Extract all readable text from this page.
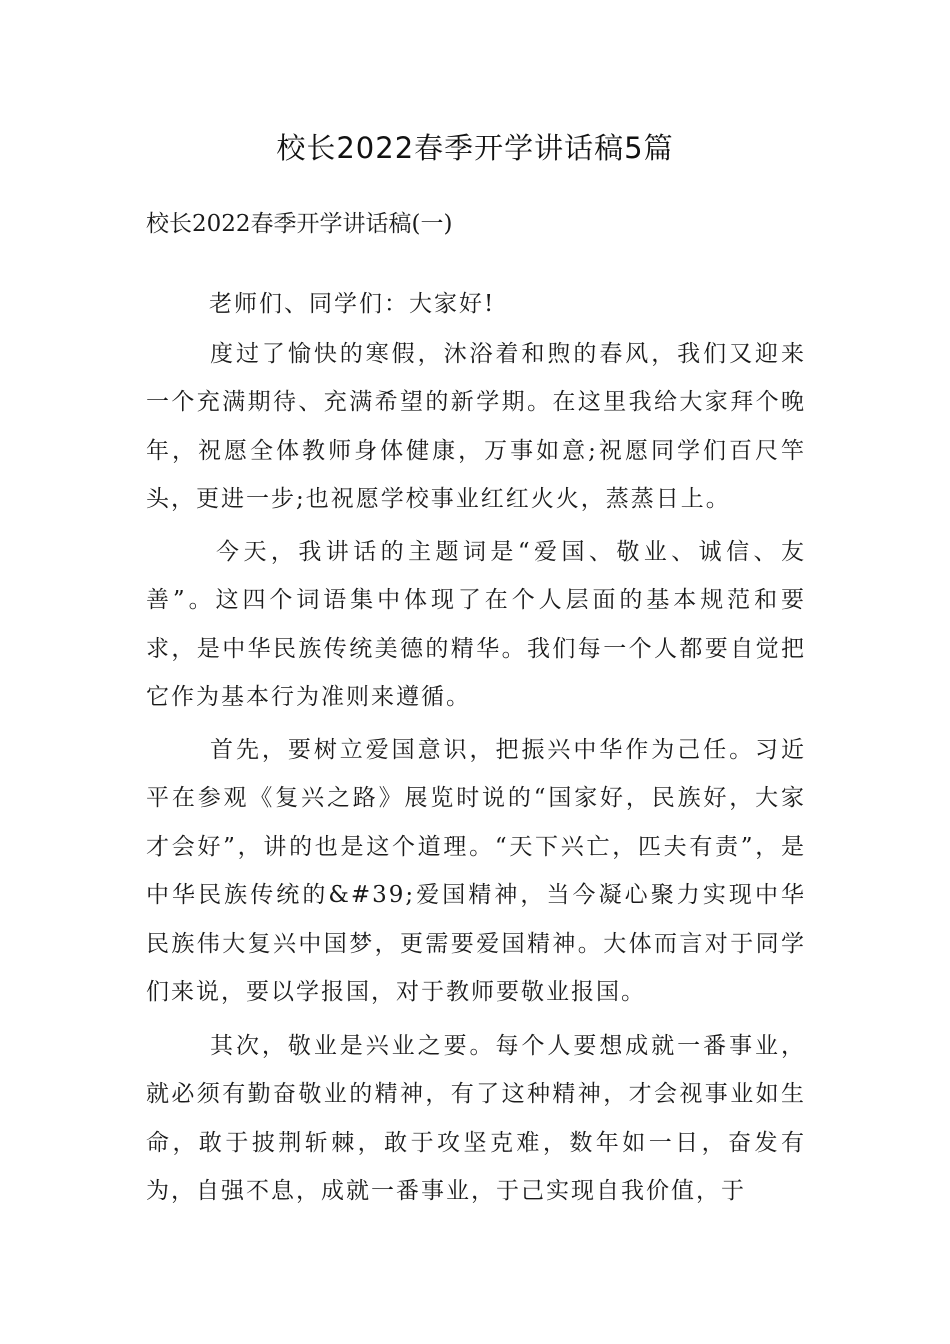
校长2022春季开学讲话稿5篇
校长2022春季开学讲话稿(一)

老师们、同学们：大家好!

度过了愉快的寒假，沐浴着和煦的春风，我们又迎来一个充满期待、充满希望的新学期。在这里我给大家拜个晚年，祝愿全体教师身体健康，万事如意;祝愿同学们百尺竿头，更进一步;也祝愿学校事业红红火火，蒸蒸日上。

今天，我讲话的主题词是“爱国、敬业、诚信、友善”。这四个词语集中体现了在个人层面的基本规范和要求，是中华民族传统美德的精华。我们每一个人都要自觉把它作为基本行为准则来遵循。

首先，要树立爱国意识，把振兴中华作为己任。习近平在参观《复兴之路》展览时说的“国家好，民族好，大家才会好”，讲的也是这个道理。“天下兴亡，匹夫有责”，是中华民族传统的&#39;爱国精神，当今凝心聚力实现中华民族伟大复兴中国梦，更需要爱国精神。大体而言对于同学们来说，要以学报国，对于教师要敬业报国。

其次，敬业是兴业之要。每个人要想成就一番事业，就必须有勤奋敬业的精神，有了这种精神，才会视事业如生命，敢于披荆斩棘，敢于攻坚克难，数年如一日，奋发有为，自强不息，成就一番事业，于己实现自我价值，于
